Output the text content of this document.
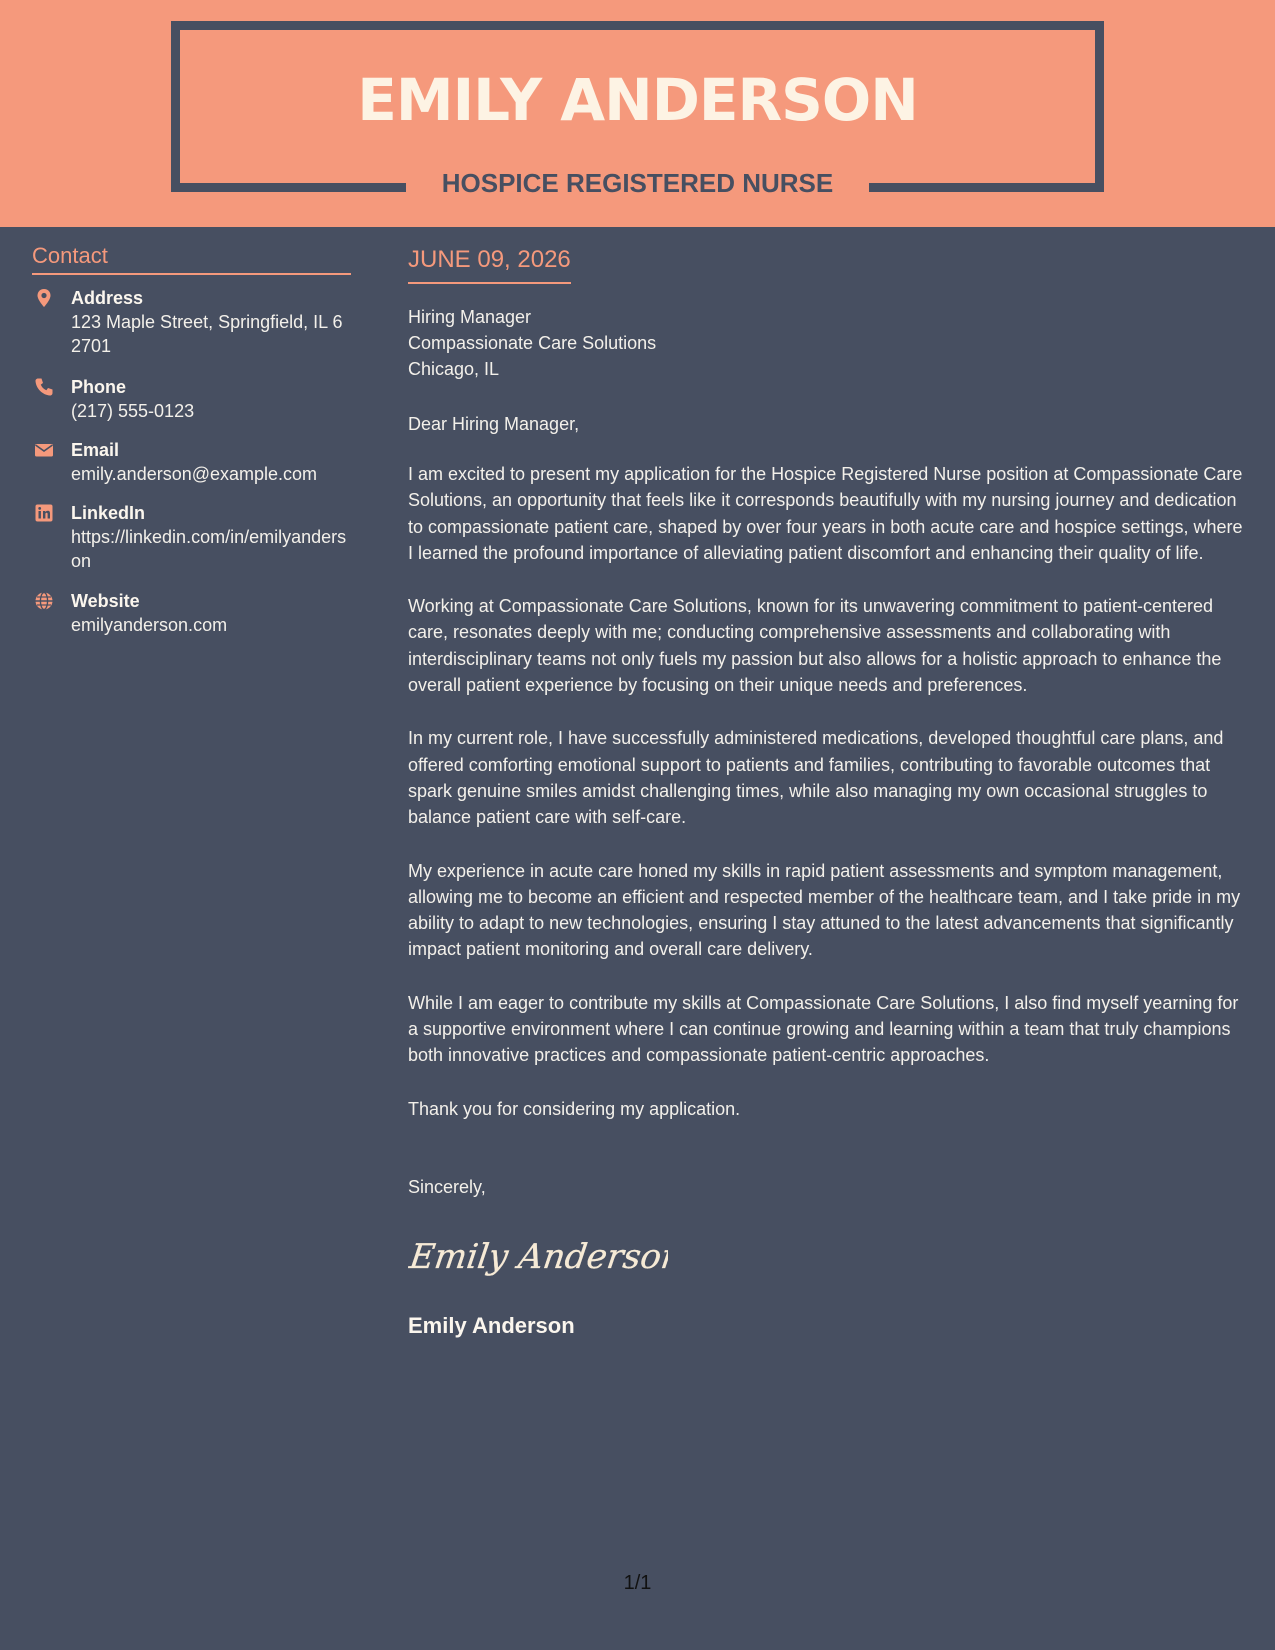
EMILY ANDERSON
HOSPICE REGISTERED NURSE
Contact
Address
123 Maple Street, Springfield, IL 62701
Phone
(217) 555-0123
Email
emily.anderson@example.com
LinkedIn
https://linkedin.com/in/emilyanderson
Website
emilyanderson.com
JUNE 09, 2026
Hiring Manager
Compassionate Care Solutions
Chicago, IL
Dear Hiring Manager,
I am excited to present my application for the Hospice Registered Nurse position at Compassionate Care Solutions, an opportunity that feels like it corresponds beautifully with my nursing journey and dedication to compassionate patient care, shaped by over four years in both acute care and hospice settings, where I learned the profound importance of alleviating patient discomfort and enhancing their quality of life.
Working at Compassionate Care Solutions, known for its unwavering commitment to patient-centered care, resonates deeply with me; conducting comprehensive assessments and collaborating with interdisciplinary teams not only fuels my passion but also allows for a holistic approach to enhance the overall patient experience by focusing on their unique needs and preferences.
In my current role, I have successfully administered medications, developed thoughtful care plans, and offered comforting emotional support to patients and families, contributing to favorable outcomes that spark genuine smiles amidst challenging times, while also managing my own occasional struggles to balance patient care with self-care.
My experience in acute care honed my skills in rapid patient assessments and symptom management, allowing me to become an efficient and respected member of the healthcare team, and I take pride in my ability to adapt to new technologies, ensuring I stay attuned to the latest advancements that significantly impact patient monitoring and overall care delivery.
While I am eager to contribute my skills at Compassionate Care Solutions, I also find myself yearning for a supportive environment where I can continue growing and learning within a team that truly champions both innovative practices and compassionate patient-centric approaches.
Thank you for considering my application.
Sincerely,
Emily Anderson
Emily Anderson
1/1
